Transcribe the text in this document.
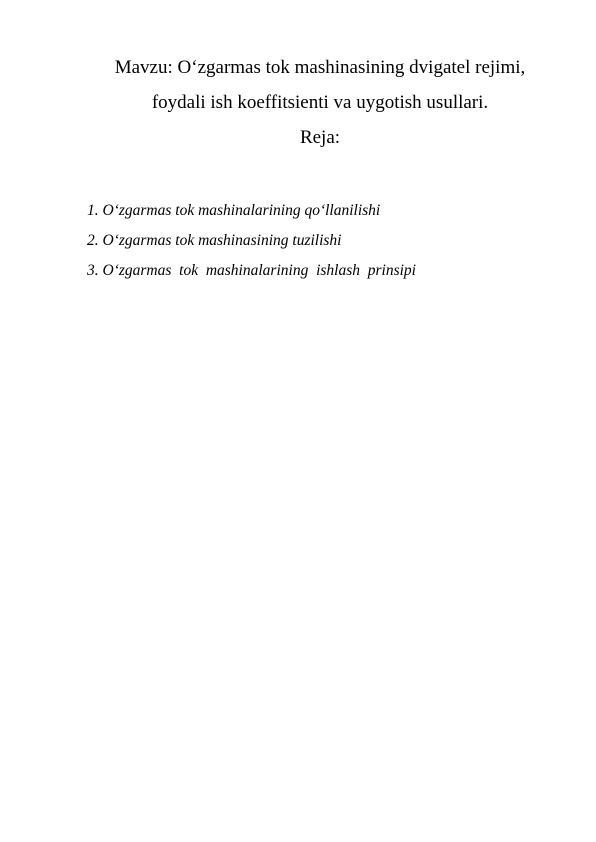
Mavzu: O‘zgarmas tok mashinasining dvigatel rejimi,
foydali ish koeffitsienti va uygotish usullari.
Reja:
1. O‘zgarmas tok mashinalarining qo‘llanilishi
2. O‘zgarmas tok mashinasining tuzilishi
3. O‘zgarmas  tok  mashinalarining  ishlash  prinsipi
